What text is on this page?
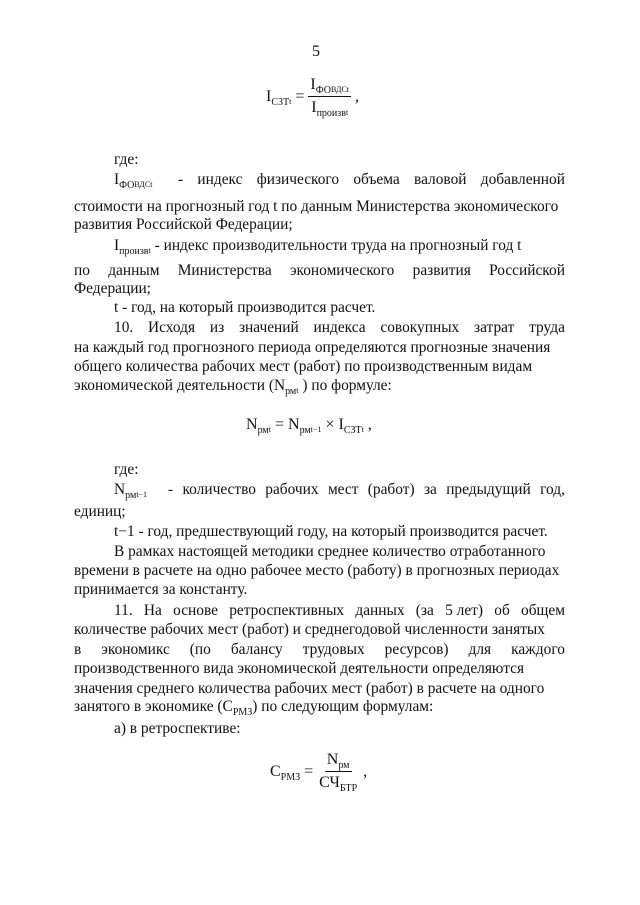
5
$I_{СЗТ}t = \frac{I_{ФО}ВДСt}{I_{произв}t}$ ,
где:
$I_{ФО}ВДСt$ - индекс физического объема валовой добавленной
стоимости на прогнозный год t по данным Министерства экономического
развития Российской Федерации;
$I_{произв}t$ - индекс производительности труда на прогнозный год t
по данным Министерства экономического развития Российской
Федерации;
t - год, на который производится расчет.
10. Исходя из значений индекса совокупных затрат труда
на каждый год прогнозного периода определяются прогнозные значения
общего количества рабочих мест (работ) по производственным видам
экономической деятельности ($N_{рм}t$ ) по формуле:
$N_{рм}t = N_{рм}t-1 \times I_{СЗТ}t$ ,
где:
$N_{рм}t-1$ - количество рабочих мест (работ) за предыдущий год,
единиц;
t−1 - год, предшествующий году, на который производится расчет.
В рамках настоящей методики среднее количество отработанного
времени в расчете на одно рабочее место (работу) в прогнозных периодах
принимается за константу.
11. На основе ретроспективных данных (за 5 лет) об общем
количестве рабочих мест (работ) и среднегодовой численности занятых
в экономикс (по балансу трудовых ресурсов) для каждого
производственного вида экономической деятельности определяются
значения среднего количества рабочих мест (работ) в расчете на одного
занятого в экономике $(С_{РМЗ})$ по следующим формулам:
а) в ретроспективе:
$С_{РМЗ} = \frac{N_{рм}}{СЧ_{БТР}}$ ,
